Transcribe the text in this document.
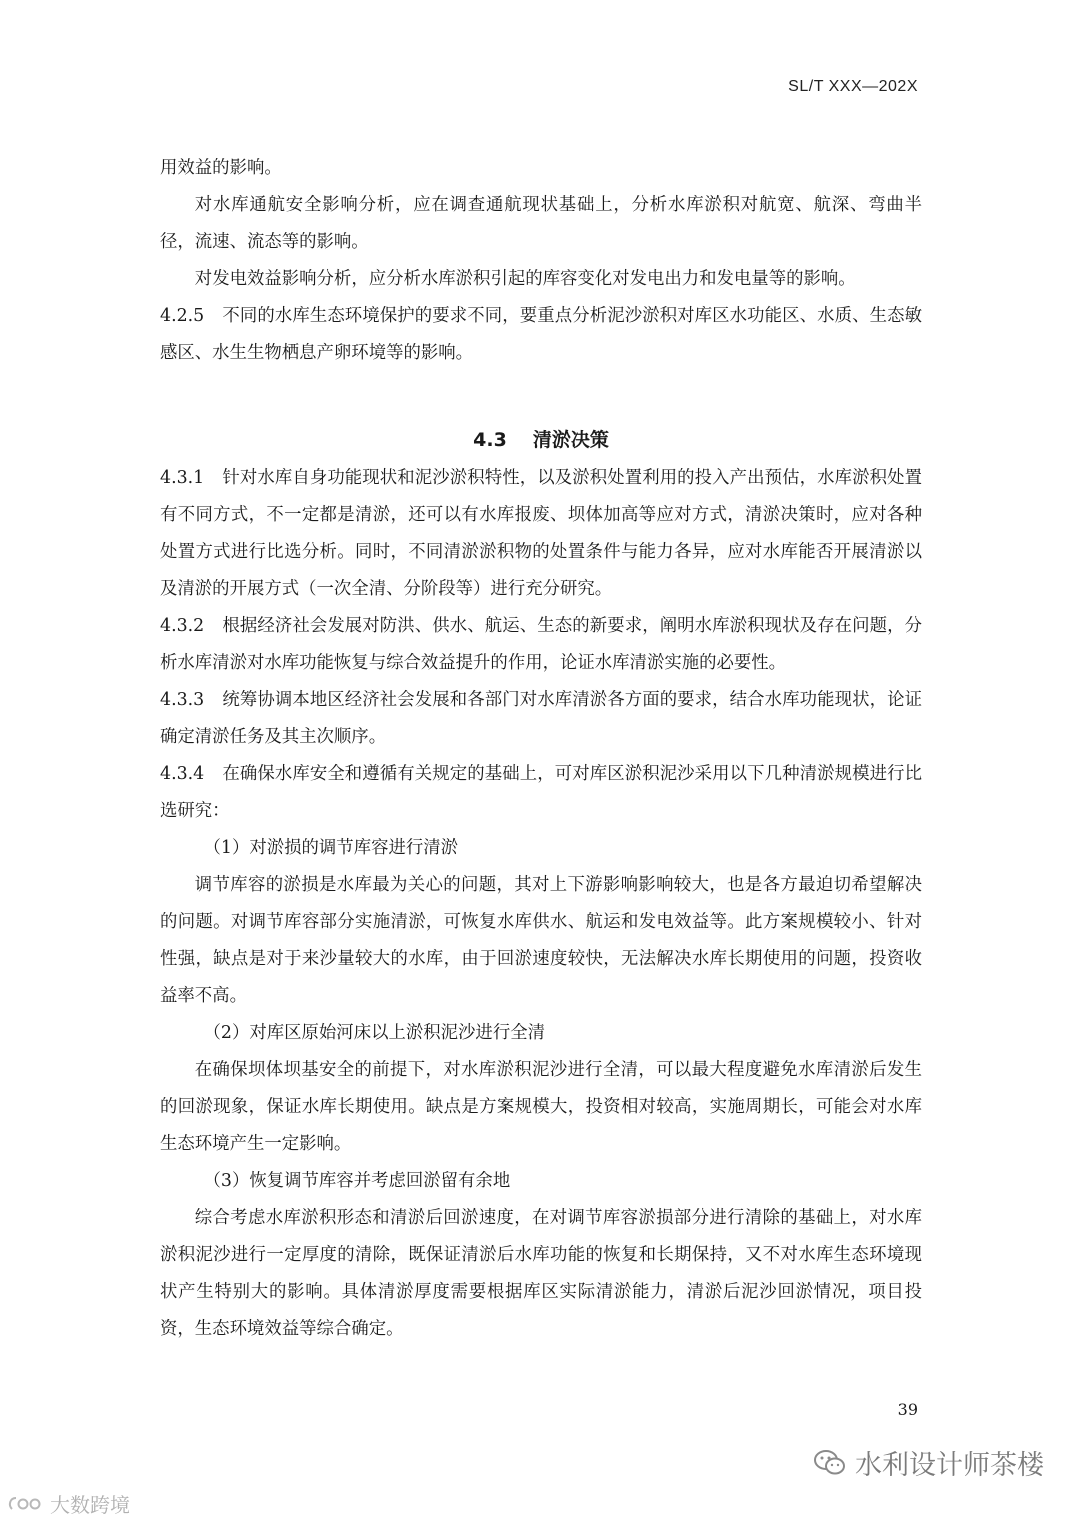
SL/T XXX—202X

用效益的影响。

对水库通航安全影响分析，应在调查通航现状基础上，分析水库淤积对航宽、航深、弯曲半径，流速、流态等的影响。

对发电效益影响分析，应分析水库淤积引起的库容变化对发电出力和发电量等的影响。

4.2.5 不同的水库生态环境保护的要求不同，要重点分析泥沙淤积对库区水功能区、水质、生态敏感区、水生生物栖息产卵环境等的影响。

4.3 清淤决策

4.3.1 针对水库自身功能现状和泥沙淤积特性，以及淤积处置利用的投入产出预估，水库淤积处置有不同方式，不一定都是清淤，还可以有水库报废、坝体加高等应对方式，清淤决策时，应对各种处置方式进行比选分析。同时，不同清淤淤积物的处置条件与能力各异，应对水库能否开展清淤以及清淤的开展方式（一次全清、分阶段等）进行充分研究。

4.3.2 根据经济社会发展对防洪、供水、航运、生态的新要求，阐明水库淤积现状及存在问题，分析水库清淤对水库功能恢复与综合效益提升的作用，论证水库清淤实施的必要性。

4.3.3 统筹协调本地区经济社会发展和各部门对水库清淤各方面的要求，结合水库功能现状，论证确定清淤任务及其主次顺序。

4.3.4 在确保水库安全和遵循有关规定的基础上，可对库区淤积泥沙采用以下几种清淤规模进行比选研究：

（1）对淤损的调节库容进行清淤

调节库容的淤损是水库最为关心的问题，其对上下游影响影响较大，也是各方最迫切希望解决的问题。对调节库容部分实施清淤，可恢复水库供水、航运和发电效益等。此方案规模较小、针对性强，缺点是对于来沙量较大的水库，由于回淤速度较快，无法解决水库长期使用的问题，投资收益率不高。

（2）对库区原始河床以上淤积泥沙进行全清

在确保坝体坝基安全的前提下，对水库淤积泥沙进行全清，可以最大程度避免水库清淤后发生的回淤现象，保证水库长期使用。缺点是方案规模大，投资相对较高，实施周期长，可能会对水库生态环境产生一定影响。

（3）恢复调节库容并考虑回淤留有余地

综合考虑水库淤积形态和清淤后回淤速度，在对调节库容淤损部分进行清除的基础上，对水库淤积泥沙进行一定厚度的清除，既保证清淤后水库功能的恢复和长期保持，又不对水库生态环境现状产生特别大的影响。具体清淤厚度需要根据库区实际清淤能力，清淤后泥沙回淤情况，项目投资，生态环境效益等综合确定。

39
水利设计师茶楼
大数跨境
